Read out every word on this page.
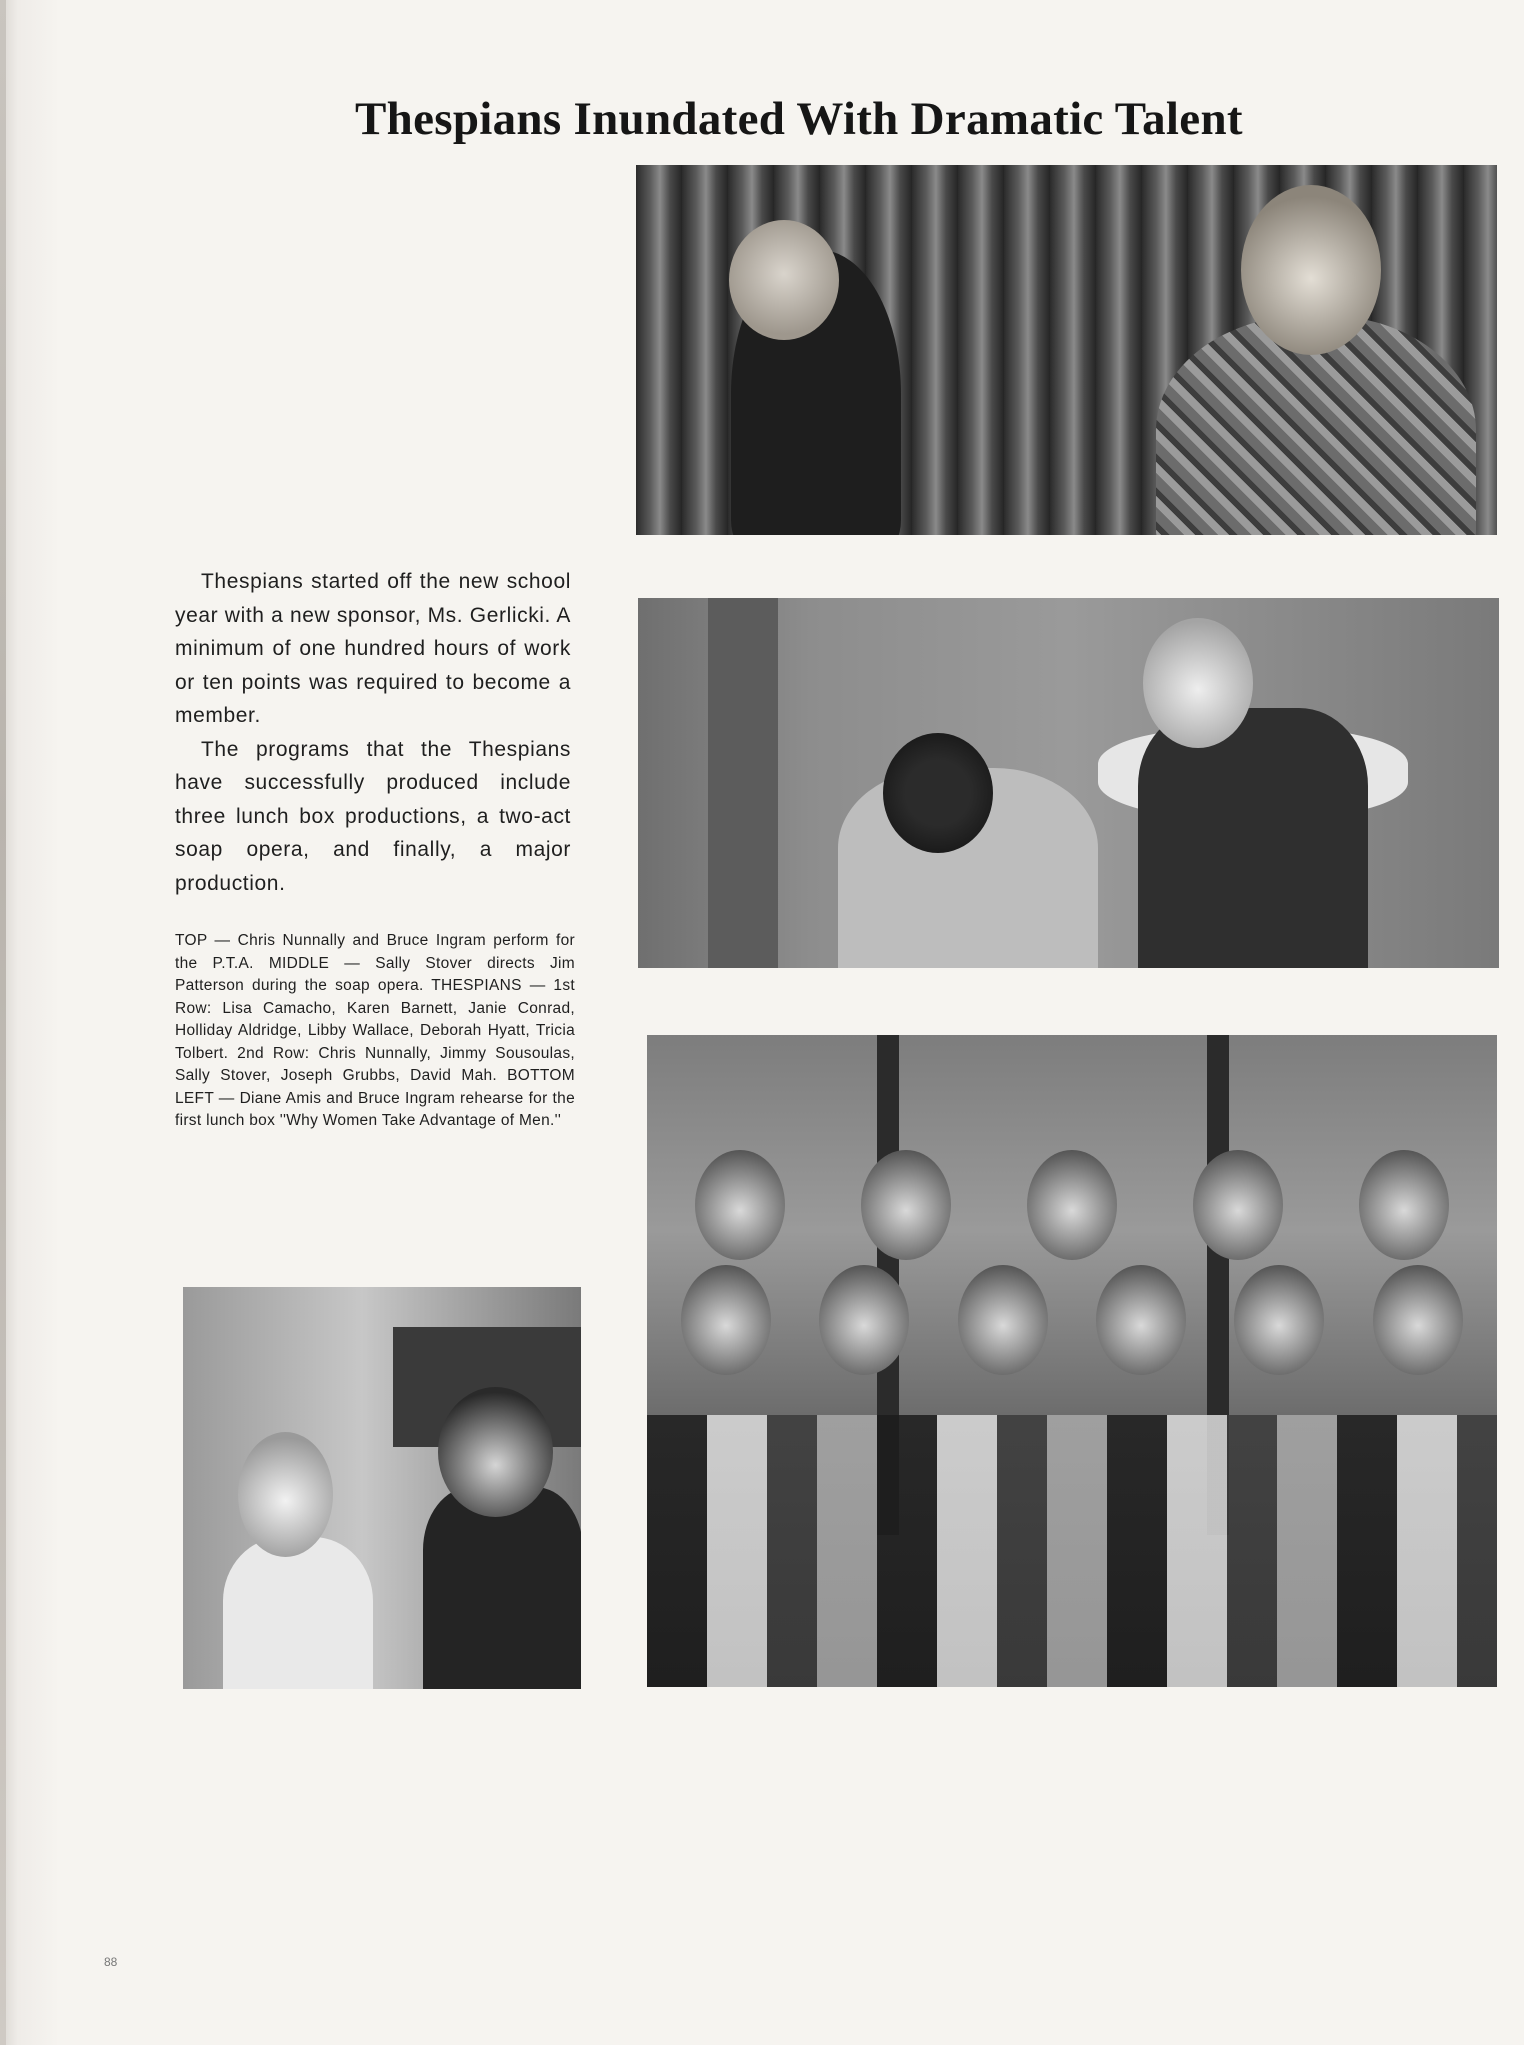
Thespians Inundated With Dramatic Talent

Thespians started off the new school year with a new sponsor, Ms. Gerlicki. A minimum of one hundred hours of work or ten points was required to become a member.

The programs that the Thespians have successfully produced include three lunch box productions, a two-act soap opera, and finally, a major production.

TOP — Chris Nunnally and Bruce Ingram perform for the P.T.A. MIDDLE — Sally Stover directs Jim Patterson during the soap opera. THESPIANS — 1st Row: Lisa Camacho, Karen Barnett, Janie Conrad, Holliday Aldridge, Libby Wallace, Deborah Hyatt, Tricia Tolbert. 2nd Row: Chris Nunnally, Jimmy Sousoulas, Sally Stover, Joseph Grubbs, David Mah. BOTTOM LEFT — Diane Amis and Bruce Ingram rehearse for the first lunch box ''Why Women Take Advantage of Men.''
88
